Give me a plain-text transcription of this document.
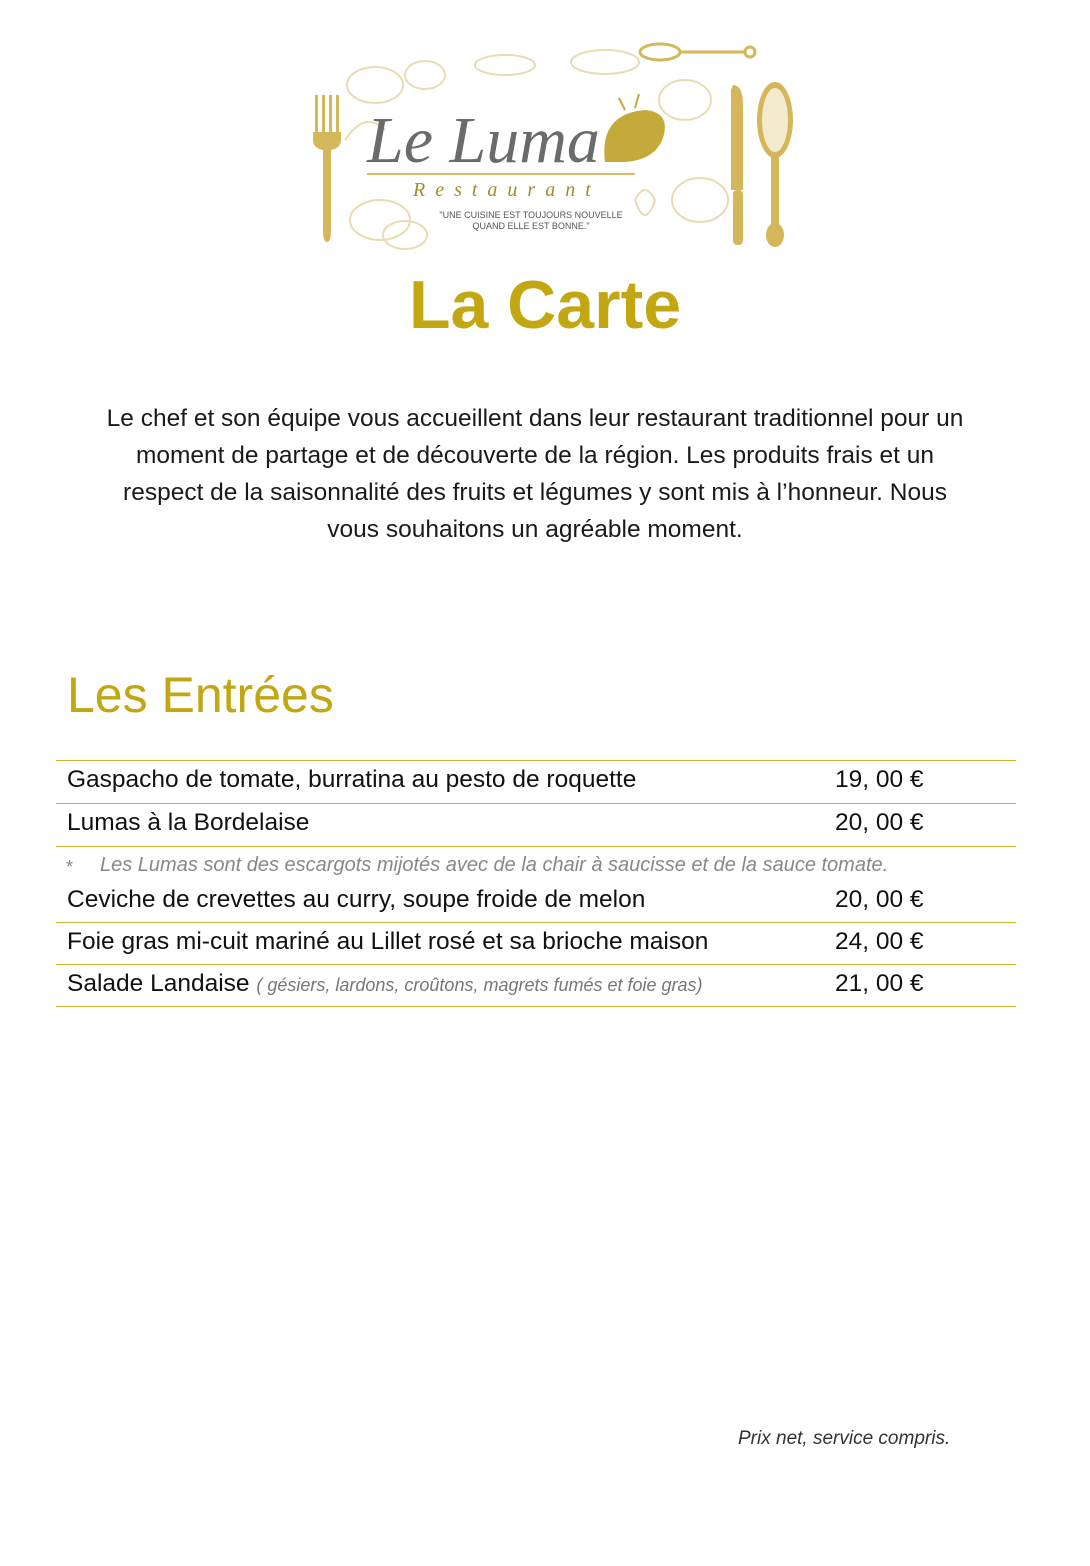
Le Luma
Restaurant
"UNE CUISINE EST TOUJOURS NOUVELLE
QUAND ELLE EST BONNE."
La Carte
Le chef et son équipe vous accueillent dans leur restaurant traditionnel pour un moment de partage et de découverte de la région. Les produits frais et un respect de la saisonnalité des fruits et légumes y sont mis à l’honneur. Nous vous souhaitons un agréable moment.
Les Entrées
Gaspacho de tomate, burratina au pesto de roquette	19, 00 €
Lumas à la Bordelaise	20, 00 €
* Les Lumas sont des escargots mijotés avec de la chair à saucisse et de la sauce tomate.
Ceviche de crevettes au curry, soupe froide de melon	20, 00 €
Foie gras mi-cuit mariné au Lillet rosé et sa brioche maison	24, 00 €
Salade Landaise ( gésiers, lardons, croûtons, magrets fumés et foie gras)	21, 00 €
Prix net, service compris.
